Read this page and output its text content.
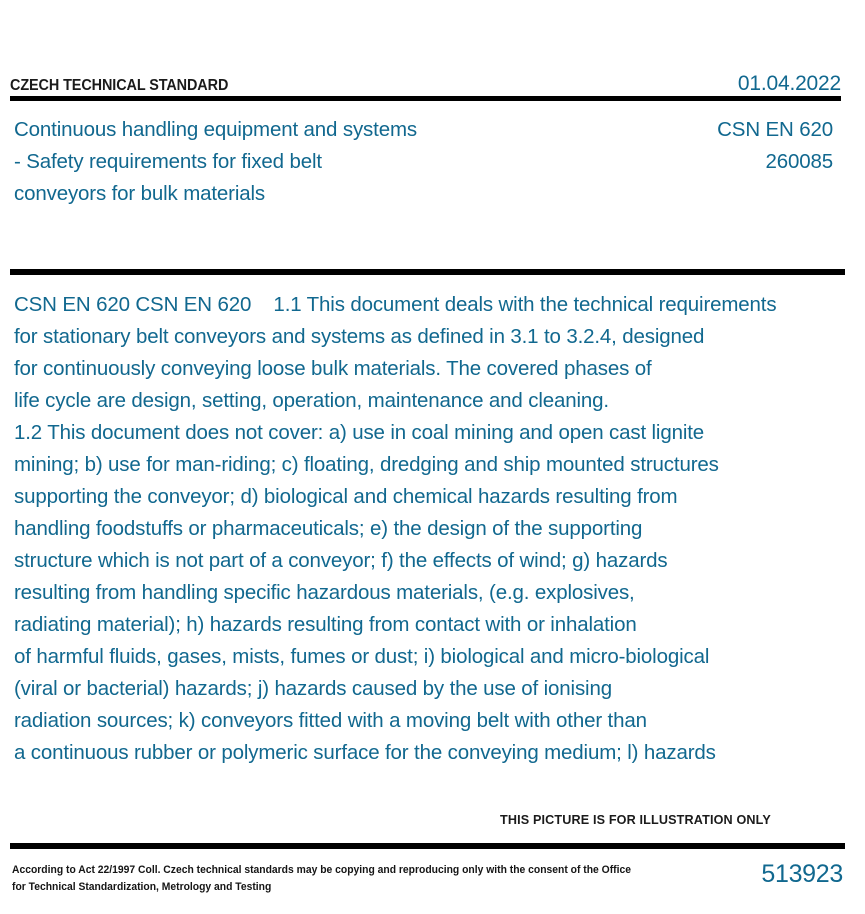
CZECH TECHNICAL STANDARD	01.04.2022
Continuous handling equipment and systems
- Safety requirements for fixed belt
conveyors for bulk materials
CSN EN 620
260085
CSN EN 620 CSN EN 620    1.1 This document deals with the technical requirements
for stationary belt conveyors and systems as defined in 3.1 to 3.2.4, designed
for continuously conveying loose bulk materials. The covered phases of
life cycle are design, setting, operation, maintenance and cleaning.
1.2 This document does not cover: a) use in coal mining and open cast lignite
mining; b) use for man-riding; c) floating, dredging and ship mounted structures
supporting the conveyor; d) biological and chemical hazards resulting from
handling foodstuffs or pharmaceuticals; e) the design of the supporting
structure which is not part of a conveyor; f) the effects of wind; g) hazards
resulting from handling specific hazardous materials, (e.g. explosives,
radiating material); h) hazards resulting from contact with or inhalation
of harmful fluids, gases, mists, fumes or dust; i) biological and micro-biological
(viral or bacterial) hazards; j) hazards caused by the use of ionising
radiation sources; k) conveyors fitted with a moving belt with other than
a continuous rubber or polymeric surface for the conveying medium; l) hazards
THIS PICTURE IS FOR ILLUSTRATION ONLY
According to Act 22/1997 Coll. Czech technical standards may be copying and reproducing only with the consent of the Office
for Technical Standardization, Metrology and Testing	513923
